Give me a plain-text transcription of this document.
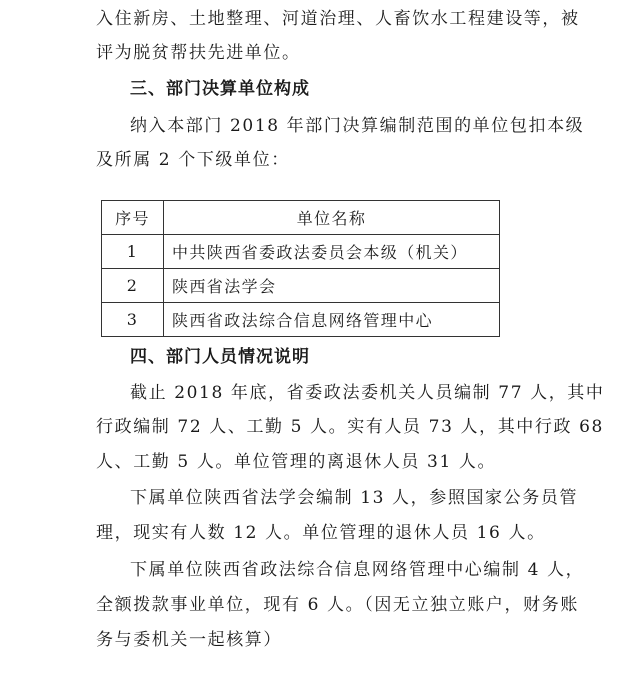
入住新房、土地整理、河道治理、人畜饮水工程建设等，被
评为脱贫帮扶先进单位。
三、部门决算单位构成
纳入本部门 2018 年部门决算编制范围的单位包扣本级
及所属 2 个下级单位：
序号	单位名称
1	中共陕西省委政法委员会本级（机关）
2	陕西省法学会
3	陕西省政法综合信息网络管理中心
四、部门人员情况说明
截止 2018 年底，省委政法委机关人员编制 77 人，其中
行政编制 72 人、工勤 5 人。实有人员 73 人，其中行政 68
人、工勤 5 人。单位管理的离退休人员 31 人。
下属单位陕西省法学会编制 13 人，参照国家公务员管
理，现实有人数 12 人。单位管理的退休人员 16 人。
下属单位陕西省政法综合信息网络管理中心编制 4 人，
全额拨款事业单位，现有 6 人。（因无立独立账户，财务账
务与委机关一起核算）
